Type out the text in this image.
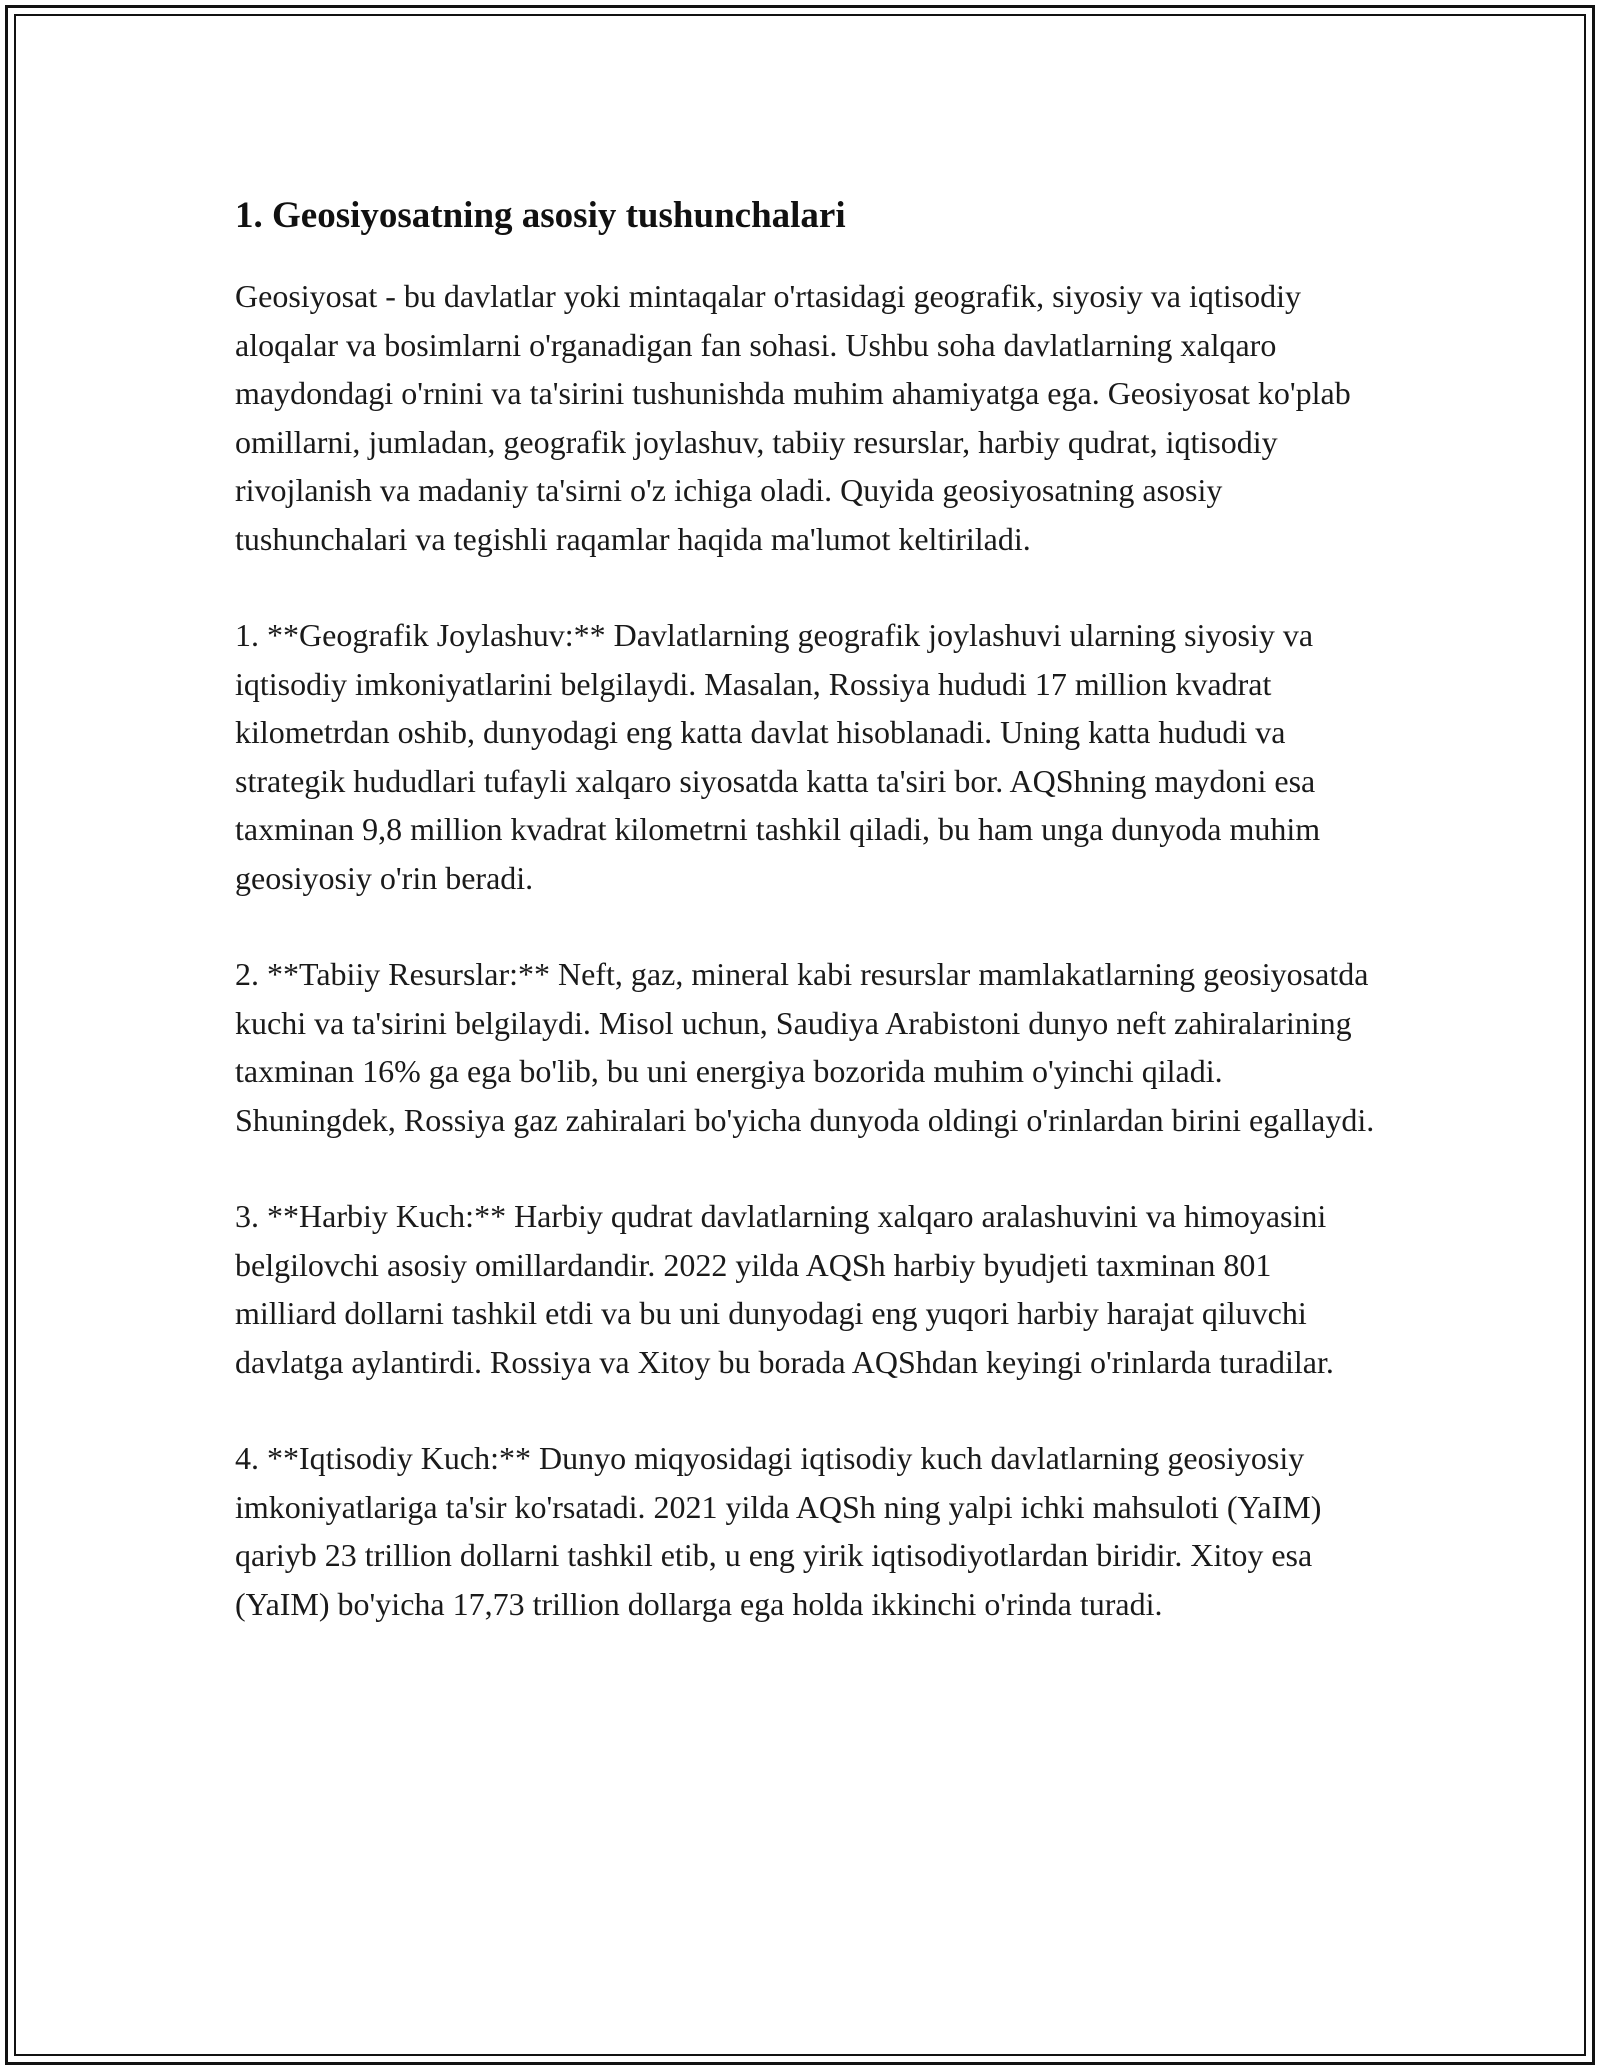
1. Geosiyosatning asosiy tushunchalari

Geosiyosat - bu davlatlar yoki mintaqalar o'rtasidagi geografik, siyosiy va iqtisodiy aloqalar va bosimlarni o'rganadigan fan sohasi. Ushbu soha davlatlarning xalqaro maydondagi o'rnini va ta'sirini tushunishda muhim ahamiyatga ega. Geosiyosat ko'plab omillarni, jumladan, geografik joylashuv, tabiiy resurslar, harbiy qudrat, iqtisodiy rivojlanish va madaniy ta'sirni o'z ichiga oladi. Quyida geosiyosatning asosiy tushunchalari va tegishli raqamlar haqida ma'lumot keltiriladi.

1. **Geografik Joylashuv:** Davlatlarning geografik joylashuvi ularning siyosiy va iqtisodiy imkoniyatlarini belgilaydi. Masalan, Rossiya hududi 17 million kvadrat kilometrdan oshib, dunyodagi eng katta davlat hisoblanadi. Uning katta hududi va strategik hududlari tufayli xalqaro siyosatda katta ta'siri bor. AQShning maydoni esa taxminan 9,8 million kvadrat kilometrni tashkil qiladi, bu ham unga dunyoda muhim geosiyosiy o'rin beradi.

2. **Tabiiy Resurslar:** Neft, gaz, mineral kabi resurslar mamlakatlarning geosiyosatda kuchi va ta'sirini belgilaydi. Misol uchun, Saudiya Arabistoni dunyo neft zahiralarining taxminan 16% ga ega bo'lib, bu uni energiya bozorida muhim o'yinchi qiladi. Shuningdek, Rossiya gaz zahiralari bo'yicha dunyoda oldingi o'rinlardan birini egallaydi.

3. **Harbiy Kuch:** Harbiy qudrat davlatlarning xalqaro aralashuvini va himoyasini belgilovchi asosiy omillardandir. 2022 yilda AQSh harbiy byudjeti taxminan 801 milliard dollarni tashkil etdi va bu uni dunyodagi eng yuqori harbiy harajat qiluvchi davlatga aylantirdi. Rossiya va Xitoy bu borada AQShdan keyingi o'rinlarda turadilar.

4. **Iqtisodiy Kuch:** Dunyo miqyosidagi iqtisodiy kuch davlatlarning geosiyosiy imkoniyatlariga ta'sir ko'rsatadi. 2021 yilda AQSh ning yalpi ichki mahsuloti (YaIM) qariyb 23 trillion dollarni tashkil etib, u eng yirik iqtisodiyotlardan biridir. Xitoy esa (YaIM) bo'yicha 17,73 trillion dollarga ega holda ikkinchi o'rinda turadi.
